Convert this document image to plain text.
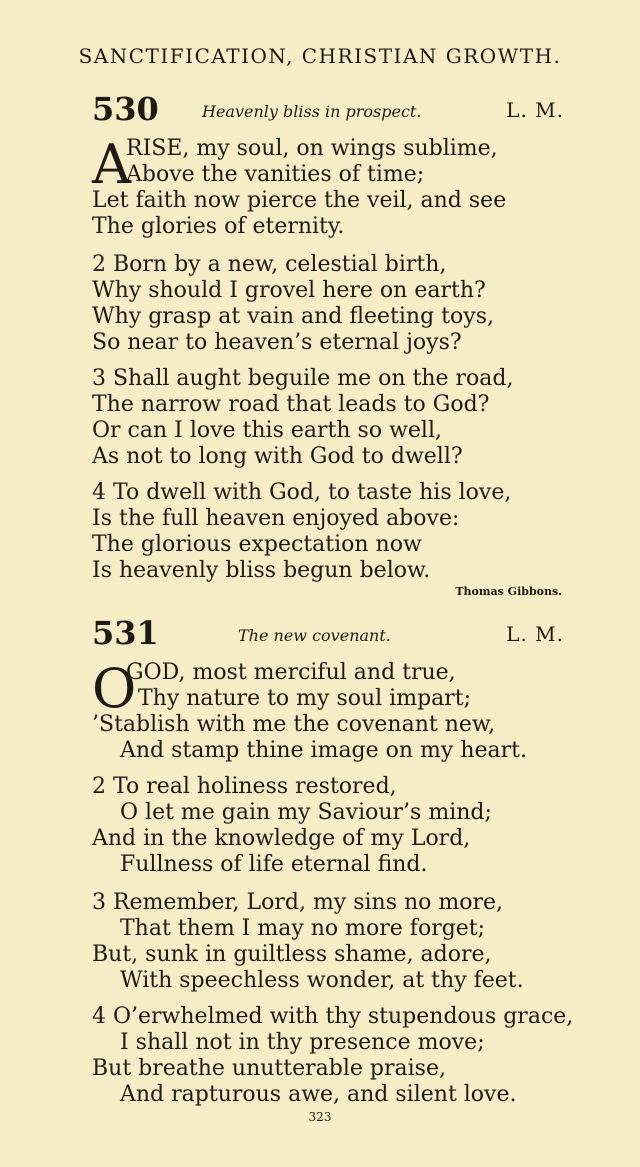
SANCTIFICATION, CHRISTIAN GROWTH.
530	Heavenly bliss in prospect.	L. M.
A
RISE, my soul, on wings sublime,
Above the vanities of time;
Let faith now pierce the veil, and see
The glories of eternity.
2 Born by a new, celestial birth,
Why should I grovel here on earth?
Why grasp at vain and fleeting toys,
So near to heaven’s eternal joys?
3 Shall aught beguile me on the road,
The narrow road that leads to God?
Or can I love this earth so well,
As not to long with God to dwell?
4 To dwell with God, to taste his love,
Is the full heaven enjoyed above:
The glorious expectation now
Is heavenly bliss begun below.
Thomas Gibbons.
531	The new covenant.	L. M.
O
GOD, most merciful and true,
Thy nature to my soul impart;
’Stablish with me the covenant new,
And stamp thine image on my heart.
2 To real holiness restored,
O let me gain my Saviour’s mind;
And in the knowledge of my Lord,
Fullness of life eternal find.
3 Remember, Lord, my sins no more,
That them I may no more forget;
But, sunk in guiltless shame, adore,
With speechless wonder, at thy feet.
4 O’erwhelmed with thy stupendous grace,
I shall not in thy presence move;
But breathe unutterable praise,
And rapturous awe, and silent love.
323
